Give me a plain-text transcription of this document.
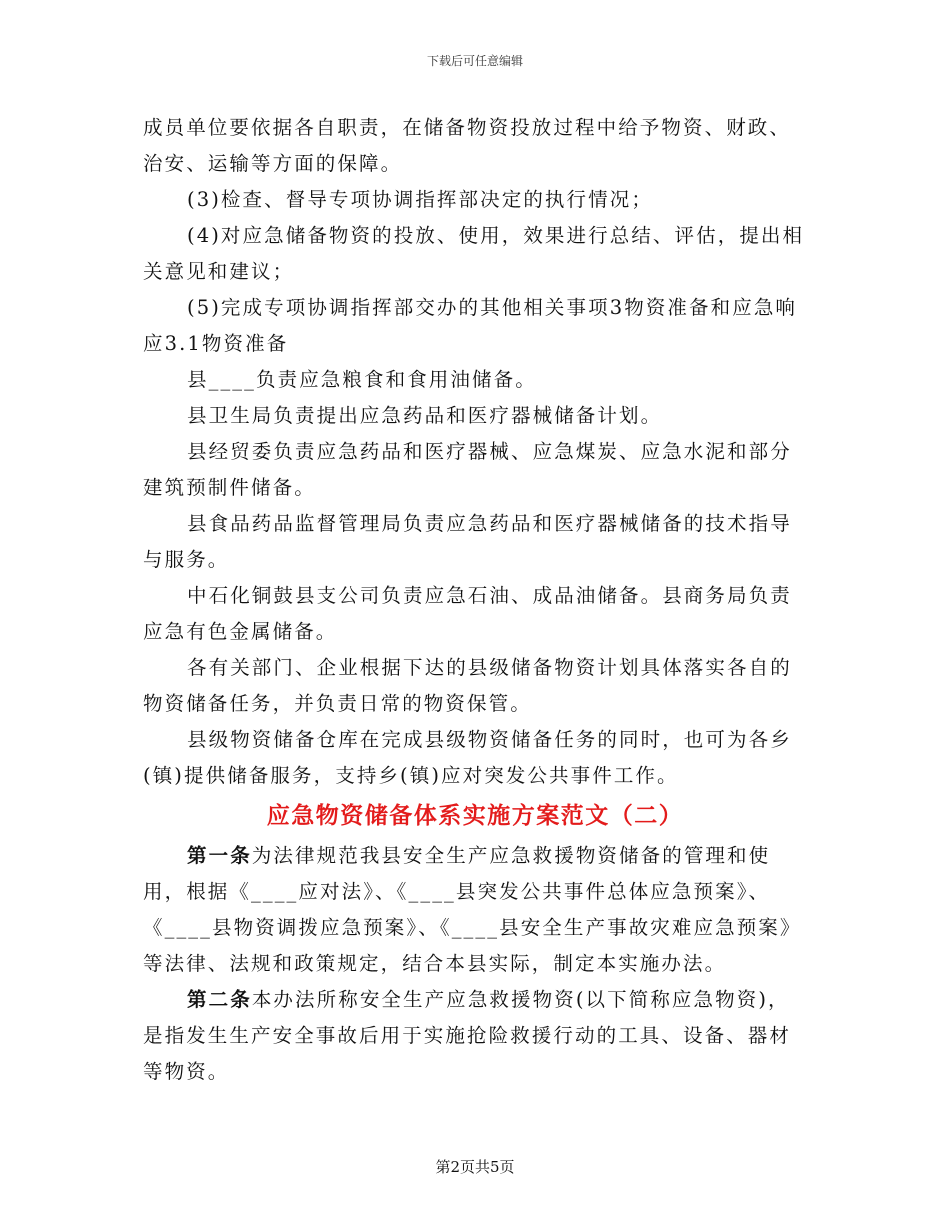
下载后可任意编辑

成员单位要依据各自职责，在储备物资投放过程中给予物资、财政、治安、运输等方面的保障。

(3)检查、督导专项协调指挥部决定的执行情况；

(4)对应急储备物资的投放、使用，效果进行总结、评估，提出相关意见和建议；

(5)完成专项协调指挥部交办的其他相关事项3物资准备和应急响应3.1物资准备

县____负责应急粮食和食用油储备。

县卫生局负责提出应急药品和医疗器械储备计划。

县经贸委负责应急药品和医疗器械、应急煤炭、应急水泥和部分建筑预制件储备。

县食品药品监督管理局负责应急药品和医疗器械储备的技术指导与服务。

中石化铜鼓县支公司负责应急石油、成品油储备。县商务局负责应急有色金属储备。

各有关部门、企业根据下达的县级储备物资计划具体落实各自的物资储备任务，并负责日常的物资保管。

县级物资储备仓库在完成县级物资储备任务的同时，也可为各乡(镇)提供储备服务，支持乡(镇)应对突发公共事件工作。

应急物资储备体系实施方案范文（二）

第一条为法律规范我县安全生产应急救援物资储备的管理和使用，根据《____应对法》、《____县突发公共事件总体应急预案》、《____县物资调拨应急预案》、《____县安全生产事故灾难应急预案》等法律、法规和政策规定，结合本县实际，制定本实施办法。

第二条本办法所称安全生产应急救援物资(以下简称应急物资)，是指发生生产安全事故后用于实施抢险救援行动的工具、设备、器材等物资。

第2页共5页
